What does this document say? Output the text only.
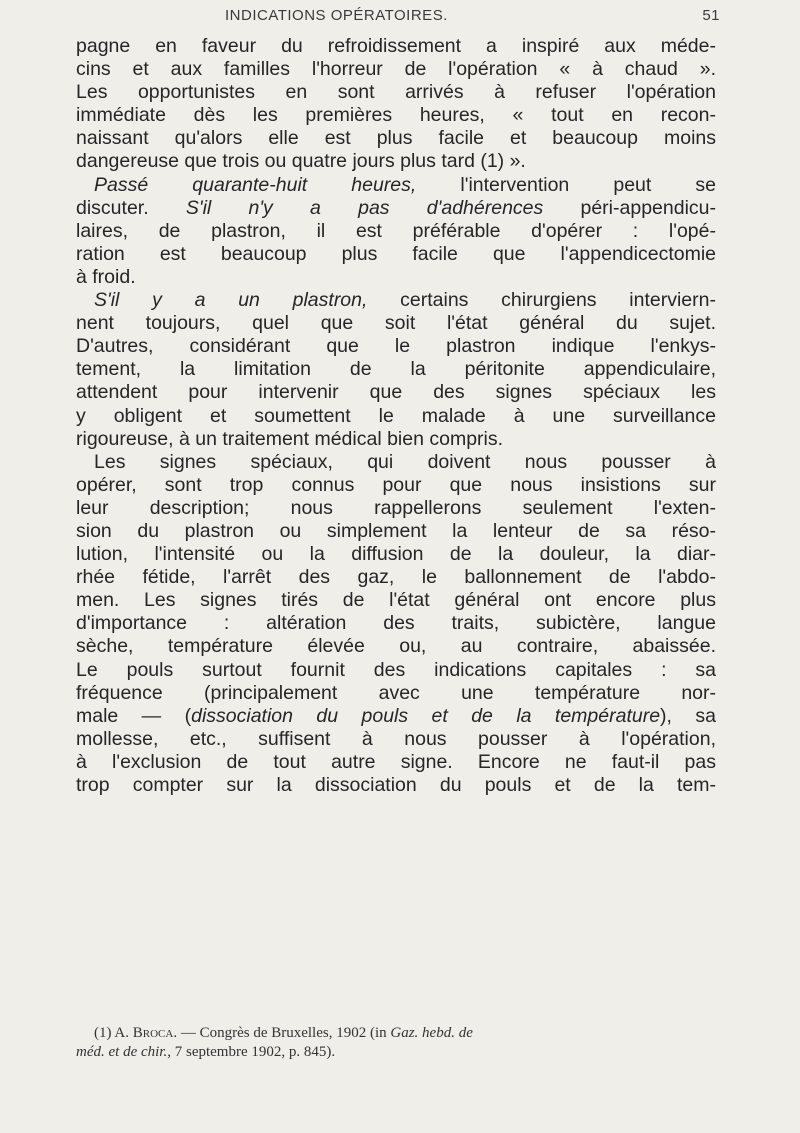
INDICATIONS OPÉRATOIRES.	51
pagne en faveur du refroidissement a inspiré aux méde-
cins et aux familles l'horreur de l'opération « à chaud ».
Les opportunistes en sont arrivés à refuser l'opération
immédiate dès les premières heures, « tout en recon-
naissant qu'alors elle est plus facile et beaucoup moins
dangereuse que trois ou quatre jours plus tard (1) ».
Passé quarante-huit heures, l'intervention peut se
discuter. S'il n'y a pas d'adhérences péri-appendicu-
laires, de plastron, il est préférable d'opérer : l'opé-
ration est beaucoup plus facile que l'appendicectomie
à froid.
S'il y a un plastron, certains chirurgiens interviern-
nent toujours, quel que soit l'état général du sujet.
D'autres, considérant que le plastron indique l'enkys-
tement, la limitation de la péritonite appendiculaire,
attendent pour intervenir que des signes spéciaux les
y obligent et soumettent le malade à une surveillance
rigoureuse, à un traitement médical bien compris.
Les signes spéciaux, qui doivent nous pousser à
opérer, sont trop connus pour que nous insistions sur
leur description; nous rappellerons seulement l'exten-
sion du plastron ou simplement la lenteur de sa réso-
lution, l'intensité ou la diffusion de la douleur, la diar-
rhée fétide, l'arrêt des gaz, le ballonnement de l'abdo-
men. Les signes tirés de l'état général ont encore plus
d'importance : altération des traits, subictère, langue
sèche, température élevée ou, au contraire, abaissée.
Le pouls surtout fournit des indications capitales : sa
fréquence (principalement avec une température nor-
male — (dissociation du pouls et de la température), sa
mollesse, etc., suffisent à nous pousser à l'opération,
à l'exclusion de tout autre signe. Encore ne faut-il pas
trop compter sur la dissociation du pouls et de la tem-
(1) A. Broca. — Congrès de Bruxelles, 1902 (in Gaz. hebd. de
méd. et de chir., 7 septembre 1902, p. 845).
